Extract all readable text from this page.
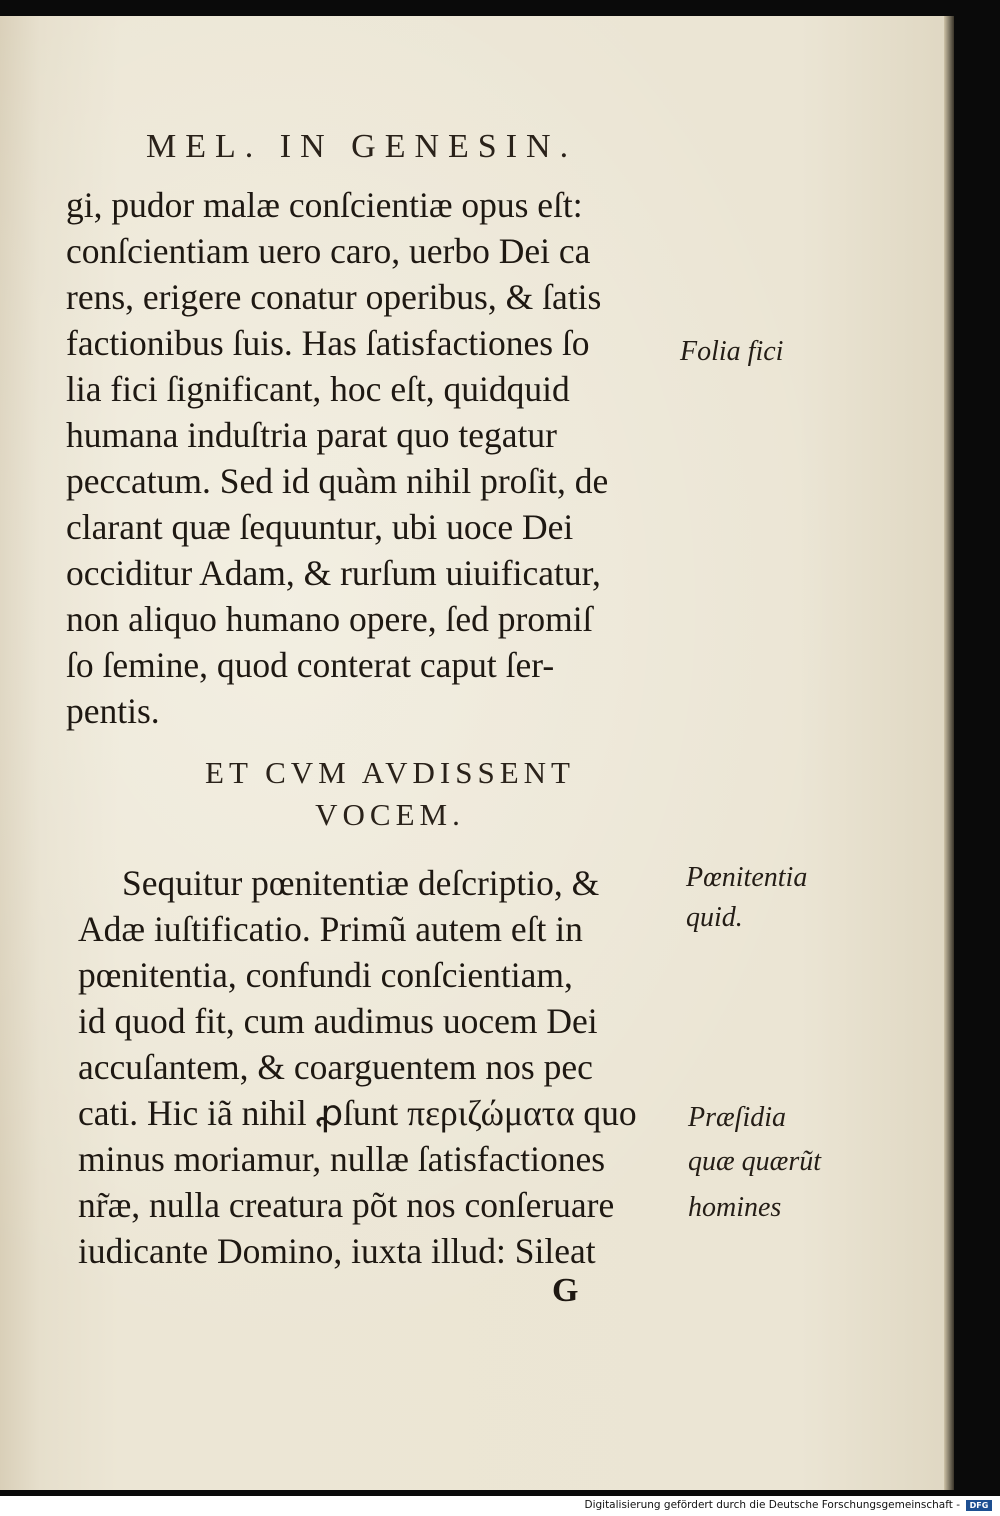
MEL. IN GENESIN.
gi, pudor malæ conſcientiæ opus eſt:
conſcientiam uero caro, uerbo Dei ca
rens, erigere conatur operibus, & ſatis
factionibus ſuis. Has ſatisfactiones ſo
lia fici ſignificant, hoc eſt, quidquid
humana induſtria parat quo tegatur
peccatum. Sed id quàm nihil proſit, de
clarant quæ ſequuntur, ubi uoce Dei
occiditur Adam, & rurſum uiuificatur,
non aliquo humano opere, ſed promiſ
ſo ſemine, quod conterat caput ſer-
pentis.
ET CVM AVDISSENT
VOCEM.
Sequitur pœnitentiæ deſcriptio, &
Adæ iuſtificatio. Primũ autem eſt in
pœnitentia, confundi conſcientiam,
id quod fit, cum audimus uocem Dei
accuſantem, & coarguentem nos pec
cati. Hic iã nihil ꝓſunt περιζώματα quo
minus moriamur, nullæ ſatisfactiones
nr̃æ, nulla creatura põt nos conſeruare
iudicante Domino, iuxta illud: Sileat
Folia fici
Pœnitentia
quid.
Præſidia
quæ quærũt
homines
G
Digitalisierung gefördert durch die Deutsche Forschungsgemeinschaft -	DFG
